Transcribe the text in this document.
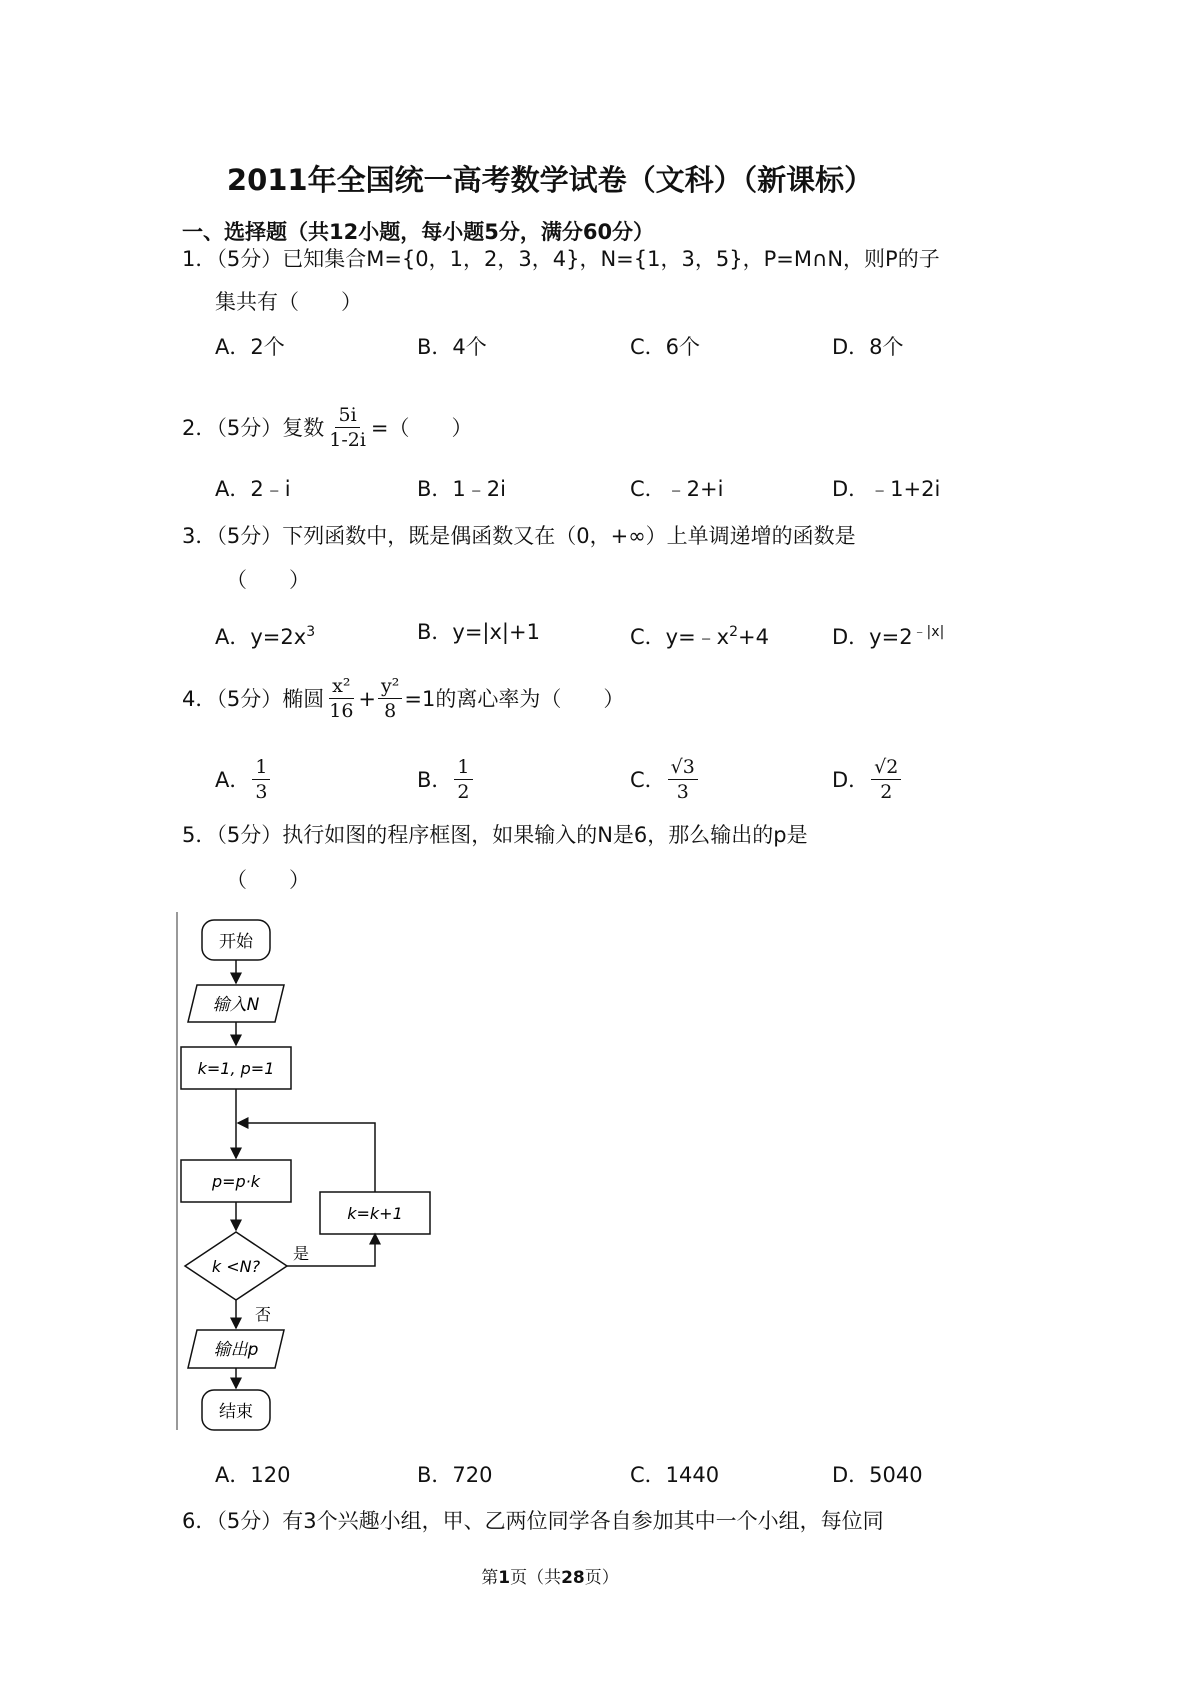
2011年全国统一高考数学试卷（文科）（新课标）
一、选择题（共12小题，每小题5分，满分60分）
1．（5分）已知集合M={0，1，2，3，4}，N={1，3，5}，P=M∩N，则P的子
集共有（　　）
A．2个	B．4个	C．6个	D．8个
2．（5分）复数 $\frac{5i}{1-2i}$ =（　　）
A．2﹣i	B．1﹣2i	C．﹣2+i	D．﹣1+2i
3．（5分）下列函数中，既是偶函数又在（0，+∞）上单调递增的函数是
（　　）
A．$y=2x^3$	B．y=|x|+1	C．$y=﹣x^2+4$	D．$y=2^{﹣|x|}$
4．（5分）椭圆 $\frac{\text{x²}}{16} + \frac{\text{y²}}{8} =1$的离心率为（　　）
A． $\frac{1}{3}$	B． $\frac{1}{2}$	C． $\frac{√3}{3}$	D． $\frac{√2}{2}$
5．（5分）执行如图的程序框图，如果输入的N是6，那么输出的p是
（　　）
开始
输入N
k=1, p=1
p=p·k
k <N?
是
k=k+1
否
输出p
结束
A．120	B．720	C．1440	D．5040
6．（5分）有3个兴趣小组，甲、乙两位同学各自参加其中一个小组，每位同
第1页（共28页）
